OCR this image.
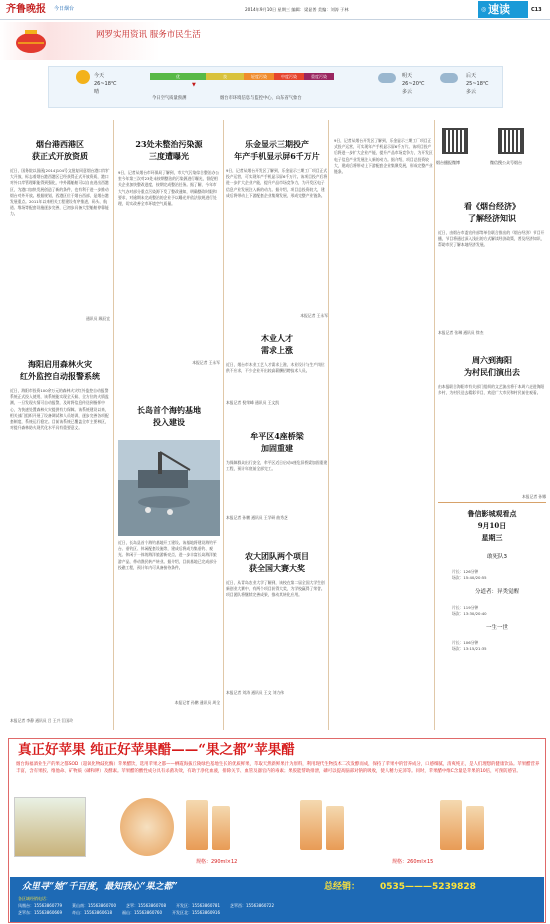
齐鲁晚报 今日烟台	2014年9月10日 星期三 编辑：梁显普 美编：刘涛 于林	速读
◎	C13
网罗实用资讯 服务市民生活
今天
26~18℃
晴
优	良	轻度污染	中度污染	重度污染
▼
今日空气质量预测	烟台市环境信息与监控中心、山东省气象台
明天
26~20℃
多云
后天
25~18℃
多云
烟台港西港区
获正式开放资质
近日，国务院以国函[2014]104号文批复同意烟台港口岸扩大开放，标志着烟台港西港区已经获得正式开放资质，港口对外口岸管理职能得到强化，中外籍船舶可以自由进出西港区，为港口加快发展创造了新的条件，也有利于进一步推动烟台对外开放。根据规划，西港区位于烟台西部，是烟台港发展重点。2011年以来相关工程建设有序推进，码头、航道、堆场等配套设施逐步完善，已初步具备大型船舶停靠能力。
通讯员 顾辰宜
海阳启用森林火灾
红外监控自动报警系统
近日，海阳市投资100余万元的森林火灾红外监控自动报警系统正式投入使用，该系统能实现全天候、全方位的火情监测，一旦发现火情可自动报警，及时将信息传送到指挥中心，为快速处置森林火灾提供有力保障。该系统建设以来，相关部门组织开展了设备调试和人员培训，逐步完善各项配套制度，系统运行稳定。目前该系统已覆盖全市主要林区，对提升森林防火现代化水平具有重要意义。
本报记者 李静 通讯员 吕 王兴 江国玲
23处未整治污染源
三度遭曝光
9日，记者从烟台市环保局了解到，市大气污染综合整治办公室今年第三次对23处未按期整治的污染源进行曝光，督促相关企业加快整改进度，按期完成整治任务。据了解，今年市大气办对部分重点污染源下发了整改通知，明确整改时限和要求，对逾期未完成整治的企业予以曝光并依法依规进行处理，切实改善全市环境空气质量。
本报记者 王永军
长岛首个海钓基地
投入建设
近日，长岛县首个海钓基地开工建设。该基地将建设海钓平台、垂钓区、休闲配套设施等，建成后将成为集垂钓、观光、休闲于一体的海洋旅游新亮点，进一步丰富长岛海洋旅游产品，带动渔民转产转业。据介绍，目前基地已完成部分投礁工程，预计年内可具备接待条件。
本报记者 孙鹏 通讯员 周全
乐金显示三期投产
年产手机显示屏6千万片
9日，记者从烟台开发区了解到，乐金显示三期工厂项目正式投产运营，可实现年产手机显示屏6千万片。该项目投产后将进一步扩大企业产能，提升产品市场竞争力，为开发区电子信息产业发展注入新的动力。据介绍，项目总投资较大，建成后将带动上下游配套企业集聚发展，形成完整产业链条。
本报记者 王永军
木业人才
需求上涨
近日，烟台市木业工艺人才需求上涨，木业设计与生产岗位供不应求，不少企业开出较高薪酬招聘技术人员。
本报记者 倪荣峰 通讯员 王文凯
牟平区4座桥梁
加固重建
为保障群众出行安全，牟平区近日启动4座危旧桥梁加固重建工程，预计年底前全部完工。
本报记者 孙鹏 通讯员 王学研 曲秀芝
农大团队两个项目
获全国大赛大奖
近日，从青岛农业大学了解到，该校在第二届全国大学生创新创业大赛中，有两个项目获得大奖，为学校赢得了荣誉。项目团队将继续完善成果，推动其转化应用。
本报记者 刘涛 通讯员 王文 刘力伟
9日，记者从烟台开发区了解到，乐金显示三期工厂项目正式投产运营，可实现年产手机显示屏6千万片。该项目投产后将进一步扩大企业产能，提升产品市场竞争力，为开发区电子信息产业发展注入新的动力。据介绍，项目总投资较大，建成后将带动上下游配套企业集聚发展，形成完整产业链条。
烟台播报微博	微信搜公众号烟台
看《烟台经济》
了解经济知识
近日，由烟台市委宣传部等单位联合推出的《烟台经济》节目开播，节目将通过深入浅出的方式解读经济政策，普及经济知识，帮助市民了解本地经济发展。
本报记者 张琳 通讯员 徐杰
周六到海阳
为村民们演出去
由本报联合海阳市有关部门组织的文艺演出将于本周六走进海阳乡村，为村民送去精彩节目，欢迎广大市民和村民前往观看。
本报记者 孙娜
鲁信影城观看点
9月10日
星期三
敢死队3
片长：126分钟
场次：15:40/20:55
分道者：异类觉醒
片长：119分钟
场次：13:30/20:40
一生一世
片长：106分钟
场次：13:15/21:35
真正好苹果 纯正好苹果醋——“果之都”苹果醋
烟台海福酒业生产的果之都SOD（超氧化物歧化酶）苹果醋饮，选用苹果之都——栖霞海拔丘陵绿色基地生长的优质鲜果，萃取天然新鲜果汁为原料，利用现代生物技术二次发酵而成，保持了苹果中的营养成分，口感细腻，清爽纯正，是人们理想的健康饮品。苹果醋营养丰富，含有果胶、维他命、矿物质（磷和钾）及酵素。苹果醋的酸性成分具有杀菌功效，有助于净化血液，排除关节、血管及器官内的毒素；果胶能帮助排泄，磷可以提高脑部对钠的吸收，使人精力充沛等。同时，苹果醋中维C含量是苹果的10倍，可预防感冒。
规格：290ml×12	规格：260ml×15
众里寻“她”千百度，最知我心“果之都”	总经销： 0535———5239828
各区域经销电话：
凤凰台：15563860779	莱山南：15563860700	芝罘：15563860708	开发区：15563860781	芝罘西：15563860722
芝罘东：15563860669	奇山：15563860618	福山：15563860760	开发区北：15563860916
